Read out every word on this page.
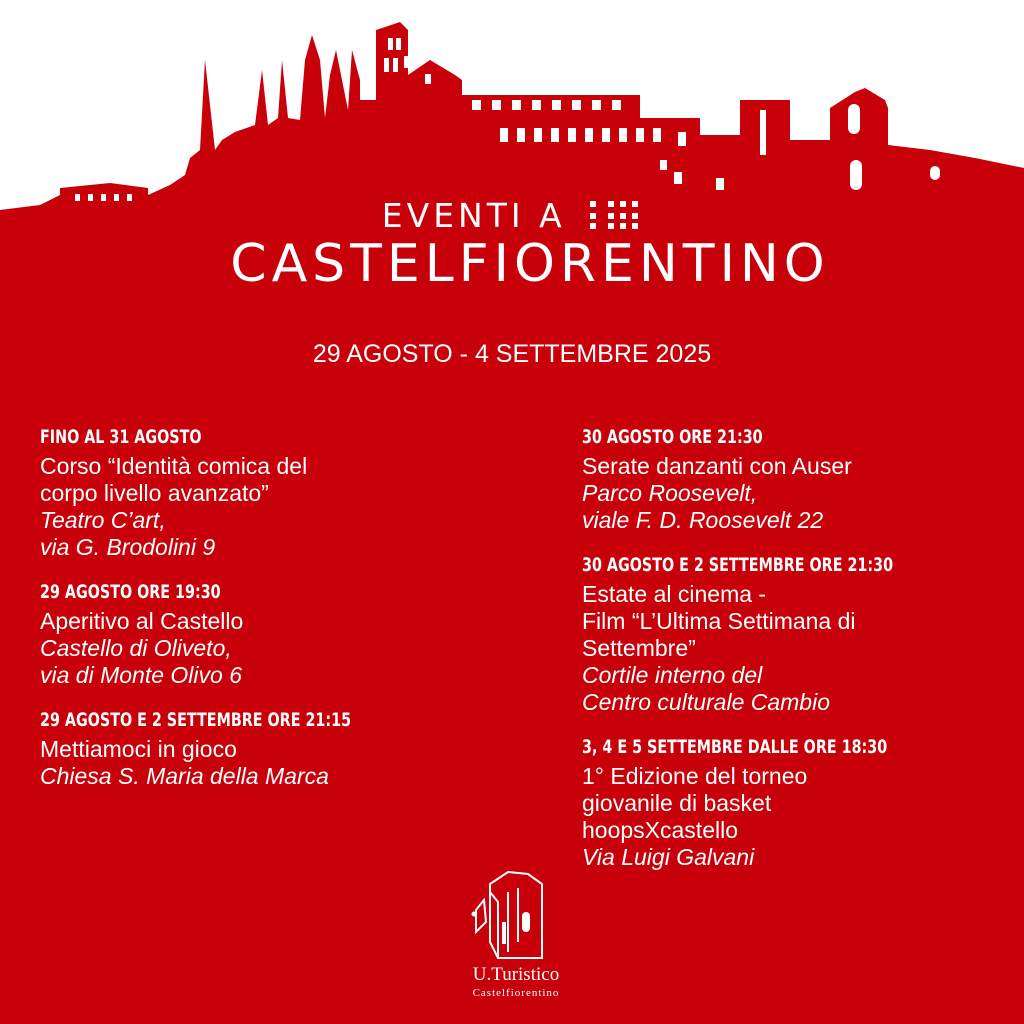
EVENTI A
CASTELFIORENTINO
29 AGOSTO - 4 SETTEMBRE 2025
FINO AL 31 AGOSTO
Corso “Identità comica del
corpo livello avanzato”
Teatro C’art,
via G. Brodolini 9
29 AGOSTO ORE 19:30
Aperitivo al Castello
Castello di Oliveto,
via di Monte Olivo 6
29 AGOSTO E 2 SETTEMBRE ORE 21:15
Mettiamoci in gioco
Chiesa S. Maria della Marca
30 AGOSTO ORE 21:30
Serate danzanti con Auser
Parco Roosevelt,
viale F. D. Roosevelt 22
30 AGOSTO E 2 SETTEMBRE ORE 21:30
Estate al cinema -
Film “L’Ultima Settimana di
Settembre”
Cortile interno del
Centro culturale Cambio
3, 4 E 5 SETTEMBRE DALLE ORE 18:30
1° Edizione del torneo
giovanile di basket
hoopsXcastello
Via Luigi Galvani
U.Turistico
Castelfiorentino
